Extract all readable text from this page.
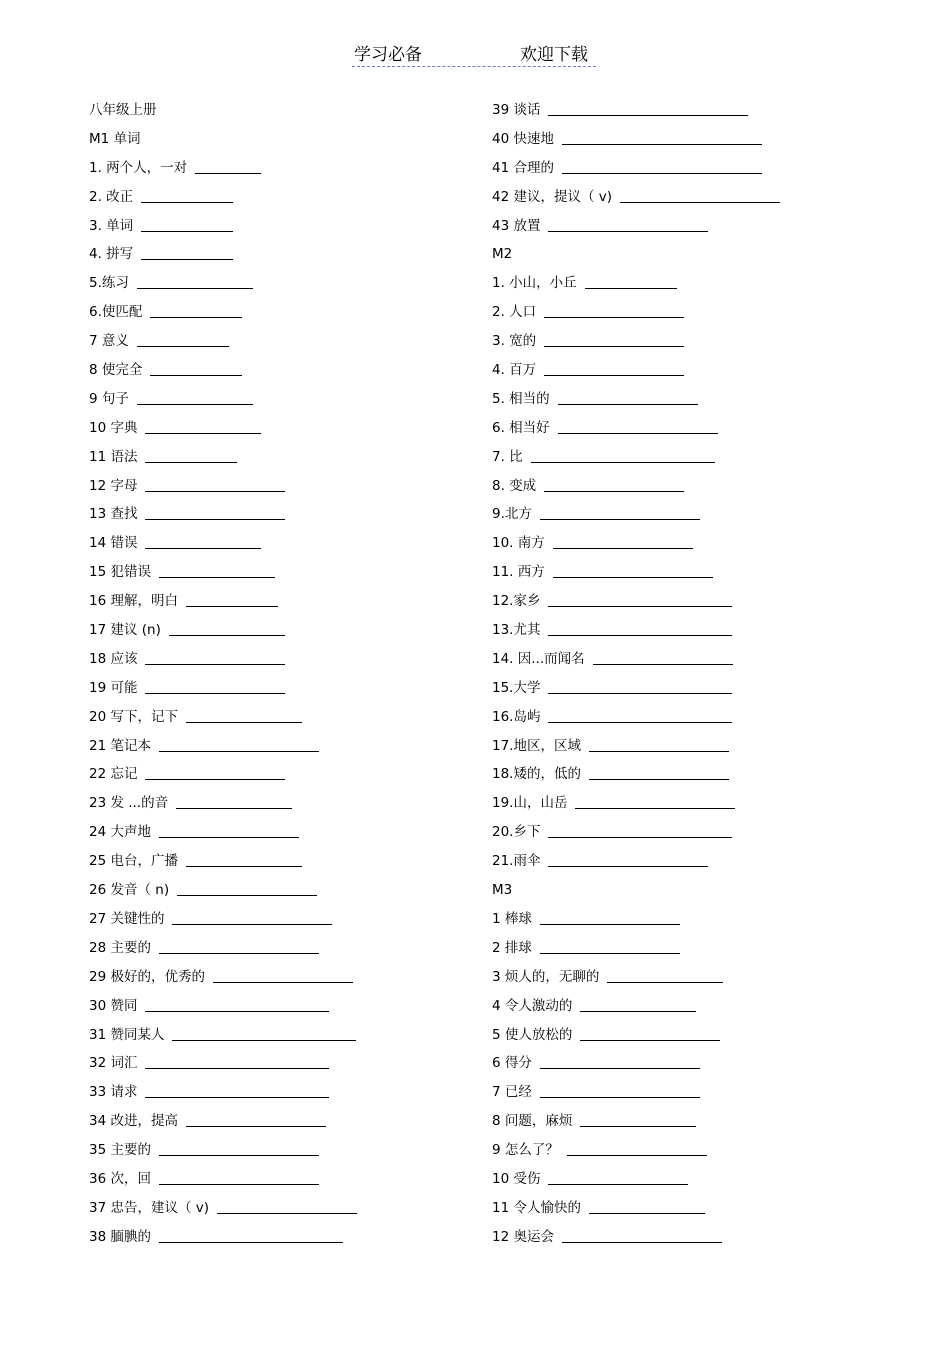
学习必备	欢迎下载
八年级上册
M1 单词
1. 两个人，一对
2. 改正
3. 单词
4. 拼写
5.练习
6.使匹配
7 意义
8 使完全
9 句子
10 字典
11 语法
12 字母
13 查找
14 错误
15 犯错误
16 理解，明白
17 建议 (n)
18 应该
19 可能
20 写下，记下
21 笔记本
22 忘记
23 发 ...的音
24 大声地
25 电台，广播
26 发音（ n)
27 关键性的
28 主要的
29 极好的，优秀的
30 赞同
31 赞同某人
32 词汇
33 请求
34 改进，提高
35 主要的
36 次，回
37 忠告，建议（ v)
38 腼腆的
39 谈话
40 快速地
41 合理的
42 建议，提议（ v)
43 放置
M2
1. 小山，小丘
2. 人口
3. 宽的
4. 百万
5. 相当的
6. 相当好
7. 比
8. 变成
9.北方
10. 南方
11. 西方
12.家乡
13.尤其
14. 因...而闻名
15.大学
16.岛屿
17.地区，区域
18.矮的，低的
19.山，山岳
20.乡下
21.雨伞
M3
1 棒球
2 排球
3 烦人的，无聊的
4 令人激动的
5 使人放松的
6 得分
7 已经
8 问题，麻烦
9 怎么了？
10 受伤
11 令人愉快的
12 奥运会
